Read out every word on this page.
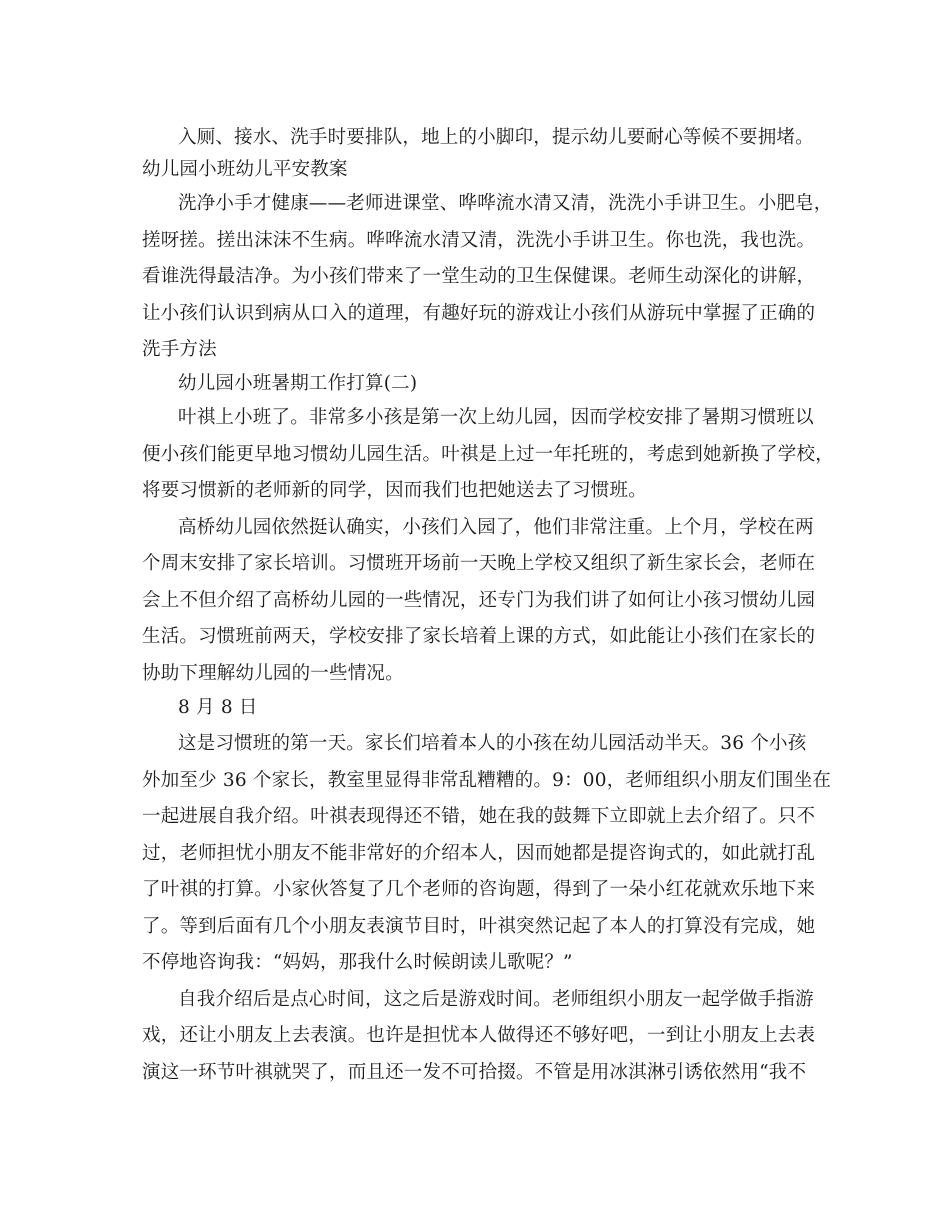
入厕、接水、洗手时要排队，地上的小脚印，提示幼儿要耐心等候不要拥堵。
幼儿园小班幼儿平安教案
洗净小手才健康——老师进课堂、哗哗流水清又清，洗洗小手讲卫生。小肥皂，
搓呀搓。搓出沫沫不生病。哗哗流水清又清，洗洗小手讲卫生。你也洗，我也洗。
看谁洗得最洁净。为小孩们带来了一堂生动的卫生保健课。老师生动深化的讲解，
让小孩们认识到病从口入的道理，有趣好玩的游戏让小孩们从游玩中掌握了正确的
洗手方法
幼儿园小班暑期工作打算(二)
叶祺上小班了。非常多小孩是第一次上幼儿园，因而学校安排了暑期习惯班以
便小孩们能更早地习惯幼儿园生活。叶祺是上过一年托班的，考虑到她新换了学校，
将要习惯新的老师新的同学，因而我们也把她送去了习惯班。
高桥幼儿园依然挺认确实，小孩们入园了，他们非常注重。上个月，学校在两
个周末安排了家长培训。习惯班开场前一天晚上学校又组织了新生家长会，老师在
会上不但介绍了高桥幼儿园的一些情况，还专门为我们讲了如何让小孩习惯幼儿园
生活。习惯班前两天，学校安排了家长培着上课的方式，如此能让小孩们在家长的
协助下理解幼儿园的一些情况。
8 月 8 日
这是习惯班的第一天。家长们培着本人的小孩在幼儿园活动半天。36 个小孩
外加至少 36 个家长，教室里显得非常乱糟糟的。9：00，老师组织小朋友们围坐在
一起进展自我介绍。叶祺表现得还不错，她在我的鼓舞下立即就上去介绍了。只不
过，老师担忧小朋友不能非常好的介绍本人，因而她都是提咨询式的，如此就打乱
了叶祺的打算。小家伙答复了几个老师的咨询题，得到了一朵小红花就欢乐地下来
了。等到后面有几个小朋友表演节目时，叶祺突然记起了本人的打算没有完成，她
不停地咨询我：“妈妈，那我什么时候朗读儿歌呢？”
自我介绍后是点心时间，这之后是游戏时间。老师组织小朋友一起学做手指游
戏，还让小朋友上去表演。也许是担忧本人做得还不够好吧，一到让小朋友上去表
演这一环节叶祺就哭了，而且还一发不可拾掇。不管是用冰淇淋引诱依然用“我不
